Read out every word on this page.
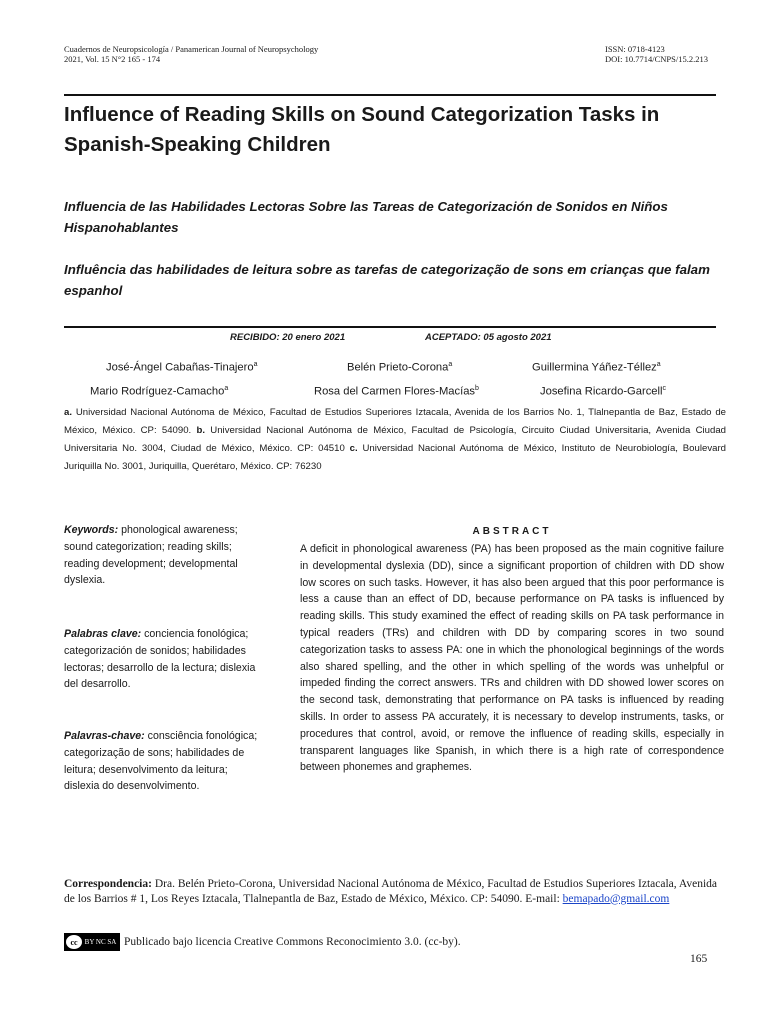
Cuadernos de Neuropsicología / Panamerican Journal of Neuropsychology
2021, Vol. 15 N°2 165 - 174
ISSN: 0718-4123
DOI: 10.7714/CNPS/15.2.213
Influence of Reading Skills on Sound Categorization Tasks in Spanish-Speaking Children
Influencia de las Habilidades Lectoras Sobre las Tareas de Categorización de Sonidos en Niños Hispanohablantes
Influência das habilidades de leitura sobre as tarefas de categorização de sons em crianças que falam espanhol
RECIBIDO: 20 enero 2021	ACEPTADO: 05 agosto 2021
José-Ángel Cabañas-Tinajero$^a$	Belén Prieto-Corona$^a$	Guillermina Yáñez-Téllez$^a$
Mario Rodríguez-Camacho$^a$	Rosa del Carmen Flores-Macías$^b$	Josefina Ricardo-Garcell$^c$
a. Universidad Nacional Autónoma de México, Facultad de Estudios Superiores Iztacala, Avenida de los Barrios No. 1, Tlalnepantla de Baz, Estado de México, México. CP: 54090. b. Universidad Nacional Autónoma de México, Facultad de Psicología, Circuito Ciudad Universitaria, Avenida Ciudad Universitaria No. 3004, Ciudad de México, México. CP: 04510 c. Universidad Nacional Autónoma de México, Instituto de Neurobiología, Boulevard Juriquilla No. 3001, Juriquilla, Querétaro, México. CP: 76230
Keywords: phonological awareness; sound categorization; reading skills; reading development; developmental dyslexia.
Palabras clave: conciencia fonológica; categorización de sonidos; habilidades lectoras; desarrollo de la lectura; dislexia del desarrollo.
Palavras-chave: consciência fonológica; categorização de sons; habilidades de leitura; desenvolvimento da leitura; dislexia do desenvolvimento.
ABSTRACT
A deficit in phonological awareness (PA) has been proposed as the main cognitive failure in developmental dyslexia (DD), since a significant proportion of children with DD show low scores on such tasks. However, it has also been argued that this poor performance is less a cause than an effect of DD, because performance on PA tasks is influenced by reading skills. This study examined the effect of reading skills on PA task performance in typical readers (TRs) and children with DD by comparing scores in two sound categorization tasks to assess PA: one in which the phonological beginnings of the words also shared spelling, and the other in which spelling of the words was unhelpful or impeded finding the correct answers. TRs and children with DD showed lower scores on the second task, demonstrating that performance on PA tasks is influenced by reading skills. In order to assess PA accurately, it is necessary to develop instruments, tasks, or procedures that control, avoid, or remove the influence of reading skills, especially in transparent languages like Spanish, in which there is a high rate of correspondence between phonemes and graphemes.
Correspondencia: Dra. Belén Prieto-Corona, Universidad Nacional Autónoma de México, Facultad de Estudios Superiores Iztacala, Avenida de los Barrios # 1, Los Reyes Iztacala, Tlalnepantla de Baz, Estado de México, México. CP: 54090. E-mail: bemapado@gmail.com
cc	BY NC SA Publicado bajo licencia Creative Commons Reconocimiento 3.0. (cc-by).
165
